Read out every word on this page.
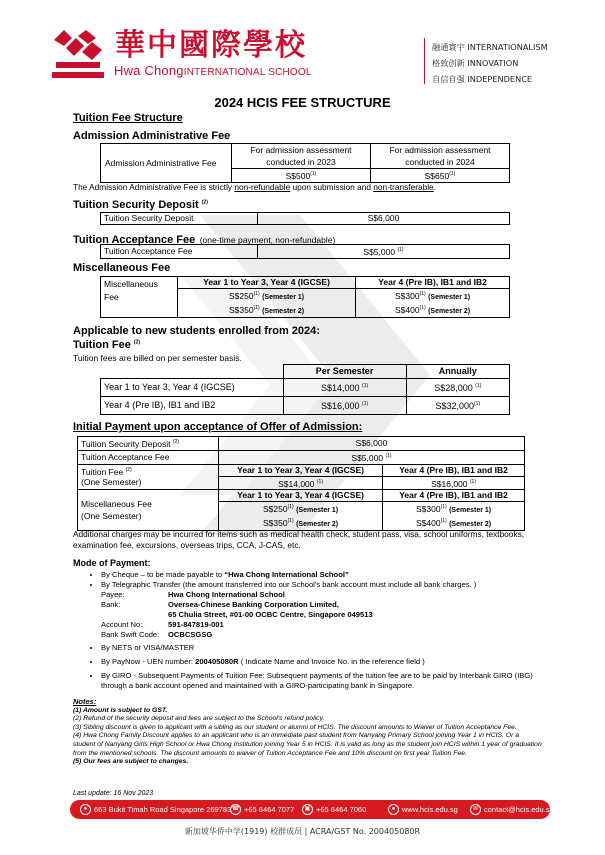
華中國際學校
Hwa ChongINTERNATIONAL SCHOOL
融通寰宇 INTERNATIONALISM
格致创新 INNOVATION
自信自强 INDEPENDENCE
2024 HCIS FEE STRUCTURE
Tuition Fee Structure
Admission Administrative Fee
Admission Administrative Fee	For admission assessment conducted in 2023	For admission assessment conducted in 2024
	S$500$^{(1)}$	S$650$^{(1)}$
The Admission Administrative Fee is strictly non-refundable upon submission and non-transferable.
Tuition Security Deposit $^{(2)}$
Tuition Security Deposit	S$6,000
Tuition Acceptance Fee (one-time payment, non-refundable)
Tuition Acceptance Fee	S$5,000 $^{(1)}$
Miscellaneous Fee
Miscellaneous Fee	Year 1 to Year 3, Year 4 (IGCSE)	Year 4 (Pre IB), IB1 and IB2
	S$250$^{(1)}$ (Semester 1)	S$300$^{(1)}$ (Semester 1)
	S$350$^{(1)}$ (Semester 2)	S$400$^{(1)}$ (Semester 2)
Applicable to new students enrolled from 2024:
Tuition Fee $^{(2)}$
Tuition fees are billed on per semester basis.
	Per Semester	Annually
Year 1 to Year 3, Year 4 (IGCSE)	S$14,000 $^{(1)}$	S$28,000 $^{(1)}$
Year 4 (Pre IB), IB1 and IB2	S$16,000 $^{(1)}$	S$32,000$^{(1)}$
Initial Payment upon acceptance of Offer of Admission:
Tuition Security Deposit $^{(2)}$	S$6,000	
Tuition Acceptance Fee	S$5,000 $^{(1)}$
Tuition Fee $^{(2)}$
(One Semester)	Year 1 to Year 3, Year 4 (IGCSE)	Year 4 (Pre IB), IB1 and IB2
	S$14,000 $^{(1)}$	S$16,000 $^{(1)}$
Miscellaneous Fee
(One Semester)	Year 1 to Year 3, Year 4 (IGCSE)	Year 4 (Pre IB), IB1 and IB2
	S$250$^{(1)}$ (Semester 1)	S$300$^{(1)}$ (Semester 1)
	S$350$^{(1)}$ (Semester 2)	S$400$^{(1)}$ (Semester 2)
Additional charges may be incurred for items such as medical health check, student pass, visa, school uniforms, textbooks, examination fee, excursions, overseas trips, CCA, J-CAS, etc.
Mode of Payment:
• By Cheque – to be made payable to “Hwa Chong International School”
• By Telegraphic Transfer (the amount transferred into our School's bank account must include all bank charges. )
Payee:	Hwa Chong International School
Bank:	Oversea-Chinese Banking Corporation Limited,
65 Chulia Street, #01-00 OCBC Centre, Singapore 049513
Account No:	591-847819-001
Bank Swift Code: OCBCSGSG
• By NETS or VISA/MASTER
• By PayNow - UEN number: 200405080R ( Indicate Name and Invoice No. in the reference field )
• By GIRO - Subsequent Payments of Tuition Fee: Subsequent payments of the tuition fee are to be paid by Interbank GIRO (IBG) through a bank account opened and maintained with a GIRO-participating bank in Singapore.
Notes:
(1) Amount is subject to GST.
(2) Refund of the security deposit and fees are subject to the School's refund policy.
(3) Sibling discount is given to applicant with a sibling as our student or alumni of HCIS. The discount amounts to Waiver of Tuition Acceptance Fee.
(4) Hwa Chong Family Discount applies to an applicant who is an immediate past student from Nanyang Primary School joining Year 1 in HCIS. Or a student of Nanyang Girls High School or Hwa Chong Institution joining Year 5 in HCIS. It is valid as long as the student join HCIS within 1 year of graduation from the mentioned schools. The discount amounts to waiver of Tuition Acceptance Fee and 10% discount on first year Tuition Fee.
(5) Our fees are subject to changes.
Last update: 16 Nov 2023
● 663 Bukit Timah Road Singapore 269783 ☎ +65 6464 7077	▣ +65 6464 7060	● www.hcis.edu.sg	✉ contact@hcis.edu.sg
新加坡华侨中学(1919) 校群成员 | ACRA/GST No. 200405080R
